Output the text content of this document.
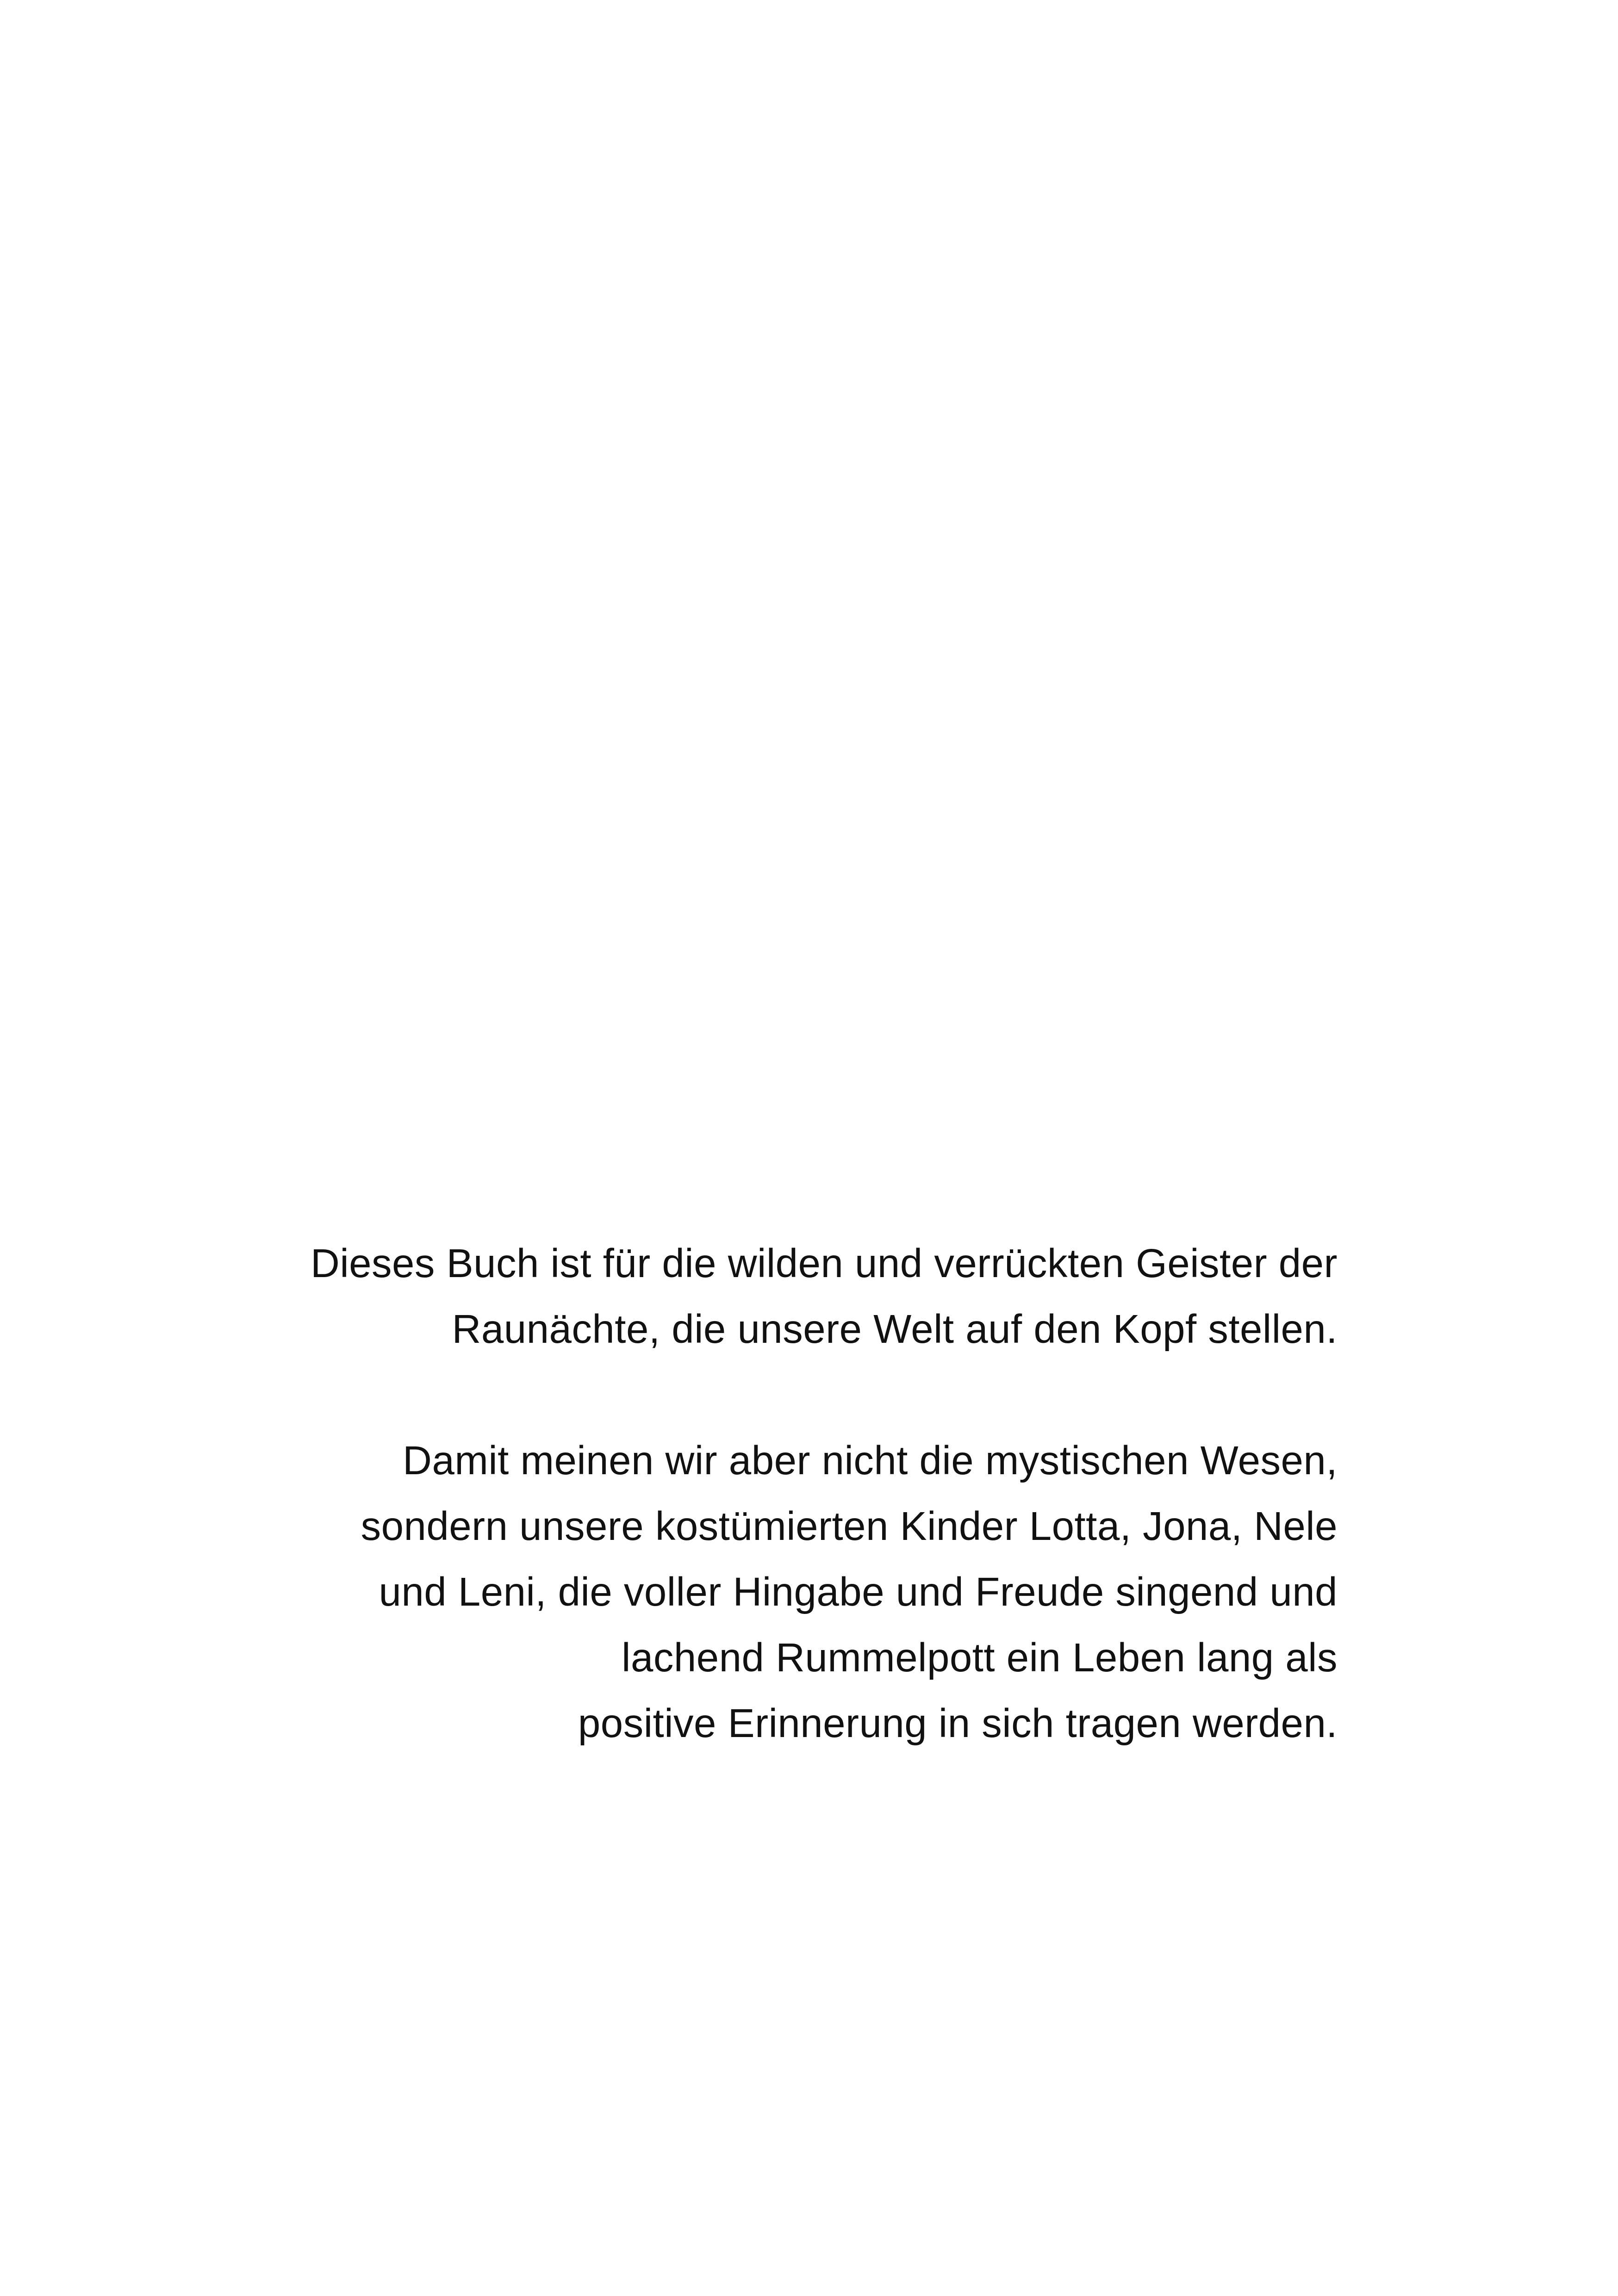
Dieses Buch ist für die wilden und verrückten Geister der
Raunächte, die unsere Welt auf den Kopf stellen.

Damit meinen wir aber nicht die mystischen Wesen,
sondern unsere kostümierten Kinder Lotta, Jona, Nele
und Leni, die voller Hingabe und Freude singend und
lachend Rummelpott ein Leben lang als
positive Erinnerung in sich tragen werden.
